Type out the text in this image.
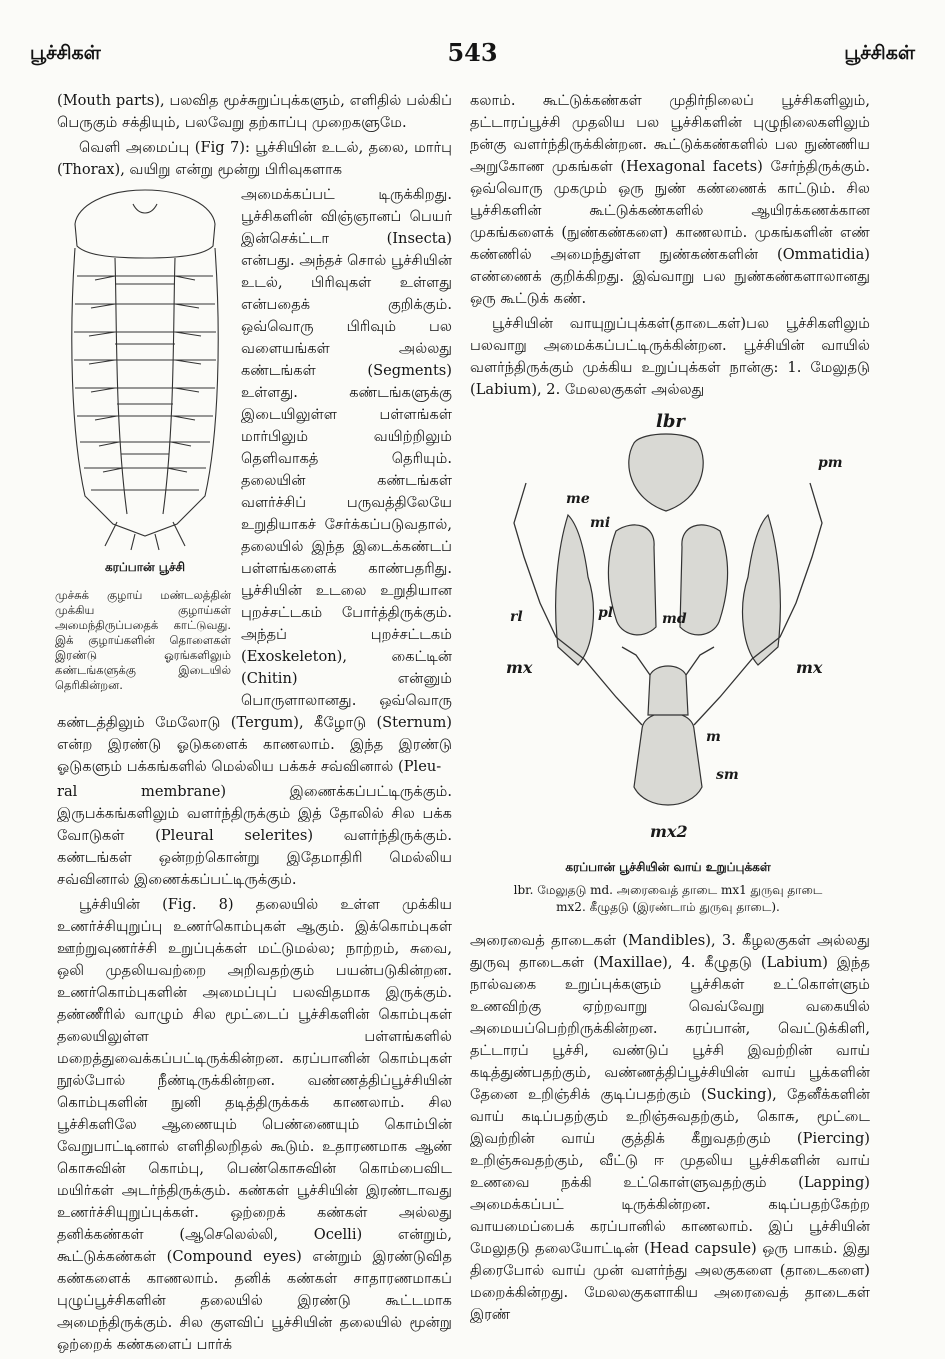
பூச்சிகள்	543	பூச்சிகள்

(Mouth parts), பலவித மூச்சுறுப்புக்களும், எளிதில் பல்கிப் பெருகும் சக்தியும், பலவேறு தற்காப்பு முறைகளுமே.

வெளி அமைப்பு (Fig 7): பூச்சியின் உடல், தலை, மார்பு (Thorax), வயிறு என்று மூன்று பிரிவுகளாக

கரப்பான் பூச்சி
முச்சுக் குழாய் மண்டலத்தின் முக்கிய குழாய்கள் அமைந்திருப்பதைக் காட்டுவது. இக் குழாய்களின் தொளைகள் இரண்டு ஓரங்களிலும் கண்டங்களுக்கு இடையில் தெரிகின்றன.

அமைக்கப்பட் டிருக்கிறது. பூச்சிகளின் விஞ்ஞானப் பெயர் இன்செக்ட்டா (Insecta) என்பது. அந்தச் சொல் பூச்சியின் உடல், பிரிவுகள் உள்ளது என்பதைக் குறிக்கும். ஒவ்வொரு பிரிவும் பல வளையங்கள் அல்லது கண்டங்கள் (Segments) உள்ளது. கண்டங்களுக்கு இடையிலுள்ள பள்ளங்கள் மார்பிலும் வயிற்றிலும் தெளிவாகத் தெரியும். தலையின் கண்டங்கள் வளர்ச்சிப் பருவத்திலேயே உறுதியாகச் சேர்க்கப்படுவதால், தலையில் இந்த இடைக்கண்டப் பள்ளங்களைக் காண்பதரிது. பூச்சியின் உடலை உறுதியான புறச்சட்டகம் போர்த்திருக்கும். அந்தப் புறச்சட்டகம் (Exoskeleton), கைட்டின் (Chitin) என்னும் பொருளாலானது. ஒவ்வொரு கண்டத்திலும் மேலோடு (Tergum), கீழோடு (Sternum) என்ற இரண்டு ஓடுகளைக் காணலாம். இந்த இரண்டு ஓடுகளும் பக்கங்களில் மெல்லிய பக்கச் சவ்வினால் (Pleu-

ral membrane) இணைக்கப்பட்டிருக்கும். இருபக்கங்களிலும் வளர்ந்திருக்கும் இத் தோலில் சில பக்க வோடுகள் (Pleural selerites) வளர்ந்திருக்கும். கண்டங்கள் ஒன்றற்கொன்று இதேமாதிரி மெல்லிய சவ்வினால் இணைக்கப்பட்டிருக்கும்.

பூச்சியின் (Fig. 8) தலையில் உள்ள முக்கிய உணர்ச்சியுறுப்பு உணர்கொம்புகள் ஆகும். இக்கொம்புகள் ஊற்றுவுணர்ச்சி உறுப்புக்கள் மட்டுமல்ல; நாற்றம், சுவை, ஒலி முதலியவற்றை அறிவதற்கும் பயன்படுகின்றன. உணர்கொம்புகளின் அமைப்புப் பலவிதமாக இருக்கும். தண்ணீரில் வாழும் சில மூட்டைப் பூச்சிகளின் கொம்புகள் தலையிலுள்ள பள்ளங்களில் மறைத்துவைக்கப்பட்டிருக்கின்றன. கரப்பானின் கொம்புகள் நூல்போல் நீண்டிருக்கின்றன. வண்ணத்திப்பூச்சியின் கொம்புகளின் நுனி தடித்திருக்கக் காணலாம். சில பூச்சிகளிலே ஆணையும் பெண்ணையும் கொம்பின் வேறுபாட்டினால் எளிதிலறிதல் கூடும். உதாரணமாக ஆண் கொசுவின் கொம்பு, பெண்கொசுவின் கொம்பைவிட மயிர்கள் அடர்ந்திருக்கும். கண்கள் பூச்சியின் இரண்டாவது உணர்ச்சியுறுப்புக்கள். ஒற்றைக் கண்கள் அல்லது தனிக்கண்கள் (ஆசெலெல்லி, Ocelli) என்றும், கூட்டுக்கண்கள் (Compound eyes) என்றும் இரண்டுவித கண்களைக் காணலாம். தனிக் கண்கள் சாதாரணமாகப் புழுப்பூச்சிகளின் தலையில் இரண்டு கூட்டமாக அமைந்திருக்கும். சில குளவிப் பூச்சியின் தலையில் மூன்று ஒற்றைக் கண்களைப் பார்க்

கலாம். கூட்டுக்கண்கள் முதிர்நிலைப் பூச்சிகளிலும், தட்டாரப்பூச்சி முதலிய பல பூச்சிகளின் புழுநிலைகளிலும் நன்கு வளர்ந்திருக்கின்றன. கூட்டுக்கண்களில் பல நுண்ணிய அறுகோண முகங்கள் (Hexagonal facets) சேர்ந்திருக்கும். ஒவ்வொரு முகமும் ஒரு நுண் கண்ணைக் காட்டும். சில பூச்சிகளின் கூட்டுக்கண்களில் ஆயிரக்கணக்கான முகங்களைக் (நுண்கண்களை) காணலாம். முகங்களின் எண் கண்ணில் அமைந்துள்ள நுண்கண்களின் (Ommatidia) எண்ணைக் குறிக்கிறது. இவ்வாறு பல நுண்கண்களாலானது ஒரு கூட்டுக் கண்.

பூச்சியின் வாயுறுப்புக்கள்(தாடைகள்)பல பூச்சிகளிலும் பலவாறு அமைக்கப்பட்டிருக்கின்றன. பூச்சியின் வாயில் வளர்ந்திருக்கும் முக்கிய உறுப்புக்கள் நான்கு: 1. மேலுதடு (Labium), 2. மேலலகுகள் அல்லது

lbr
pm
me
mi
md
rl	pl
mx	mx
m
sm
mx2
கரப்பான் பூச்சியின் வாய் உறுப்புக்கள்
lbr. மேலுதடு md. அரைவைத் தாடை mx1 துருவு தாடை
mx2. கீழுதடு (இரண்டாம் துருவு தாடை).

அரைவைத் தாடைகள் (Mandibles), 3. கீழலகுகள் அல்லது துருவு தாடைகள் (Maxillae), 4. கீழுதடு (Labium) இந்த நால்வகை உறுப்புக்களும் பூச்சிகள் உட்கொள்ளும் உணவிற்கு ஏற்றவாறு வெவ்வேறு வகையில் அமையப்பெற்றிருக்கின்றன. கரப்பான், வெட்டுக்கிளி, தட்டாரப் பூச்சி, வண்டுப் பூச்சி இவற்றின் வாய் கடித்துண்பதற்கும், வண்ணத்திப்பூச்சியின் வாய் பூக்களின் தேனை உறிஞ்சிக் குடிப்பதற்கும் (Sucking), தேனீக்களின் வாய் கடிப்பதற்கும் உறிஞ்சுவதற்கும், கொசு, மூட்டை இவற்றின் வாய் குத்திக் கீறுவதற்கும் (Piercing) உறிஞ்சுவதற்கும், வீட்டு ஈ முதலிய பூச்சிகளின் வாய் உணவை நக்கி உட்கொள்ளுவதற்கும் (Lapping) அமைக்கப்பட் டிருக்கின்றன. கடிப்பதற்கேற்ற வாயமைப்பைக் கரப்பானில் காணலாம். இப் பூச்சியின் மேலுதடு தலையோட்டின் (Head capsule) ஒரு பாகம். இது திரைபோல் வாய் முன் வளர்ந்து அலகுகளை (தாடைகளை) மறைக்கின்றது. மேலலகுகளாகிய அரைவைத் தாடைகள் இரண்
